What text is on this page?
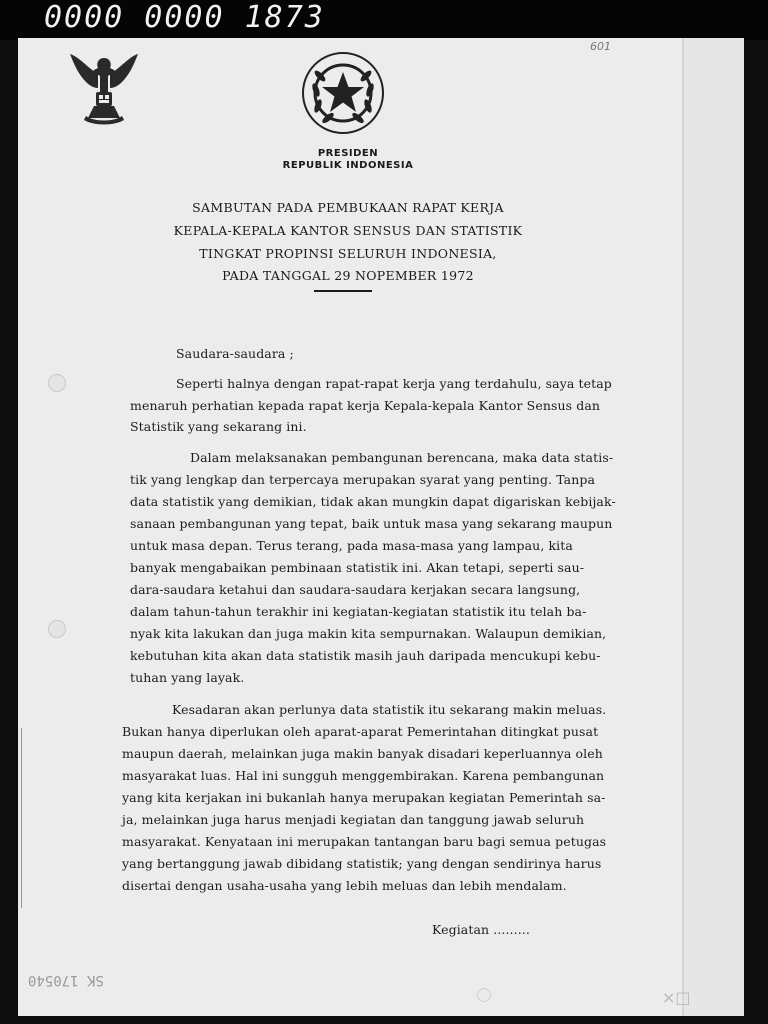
0000 0000 1873
601
PRESIDEN
REPUBLIK INDONESIA
SAMBUTAN PADA PEMBUKAAN RAPAT KERJA
KEPALA-KEPALA KANTOR SENSUS DAN STATISTIK
TINGKAT PROPINSI SELURUH INDONESIA,
PADA TANGGAL 29 NOPEMBER 1972
Saudara-saudara ;
Seperti halnya dengan rapat-rapat kerja yang terdahulu, saya tetap
menaruh perhatian kepada rapat kerja Kepala-kepala Kantor Sensus dan
Statistik yang sekarang ini.
Dalam melaksanakan pembangunan berencana, maka data statis-
tik yang lengkap dan terpercaya merupakan syarat yang penting. Tanpa
data statistik yang demikian, tidak akan mungkin dapat digariskan kebijak-
sanaan pembangunan yang tepat, baik untuk masa yang sekarang maupun
untuk masa depan. Terus terang, pada masa-masa yang lampau, kita
banyak mengabaikan pembinaan statistik ini. Akan tetapi, seperti sau-
dara-saudara ketahui dan saudara-saudara kerjakan secara langsung,
dalam tahun-tahun terakhir ini kegiatan-kegiatan statistik itu telah ba-
nyak kita lakukan dan juga makin kita sempurnakan. Walaupun demikian,
kebutuhan kita akan data statistik masih jauh daripada mencukupi kebu-
tuhan yang layak.
Kesadaran akan perlunya data statistik itu sekarang makin meluas.
Bukan hanya diperlukan oleh aparat-aparat Pemerintahan ditingkat pusat
maupun daerah, melainkan juga makin banyak disadari keperluannya oleh
masyarakat luas. Hal ini sungguh menggembirakan. Karena pembangunan
yang kita kerjakan ini bukanlah hanya merupakan kegiatan Pemerintah sa-
ja, melainkan juga harus menjadi kegiatan dan tanggung jawab seluruh
masyarakat. Kenyataan ini merupakan tantangan baru bagi semua petugas
yang bertanggung jawab dibidang statistik; yang dengan sendirinya harus
disertai dengan usaha-usaha yang lebih meluas dan lebih mendalam.
Kegiatan .........
×□
SK 170540
